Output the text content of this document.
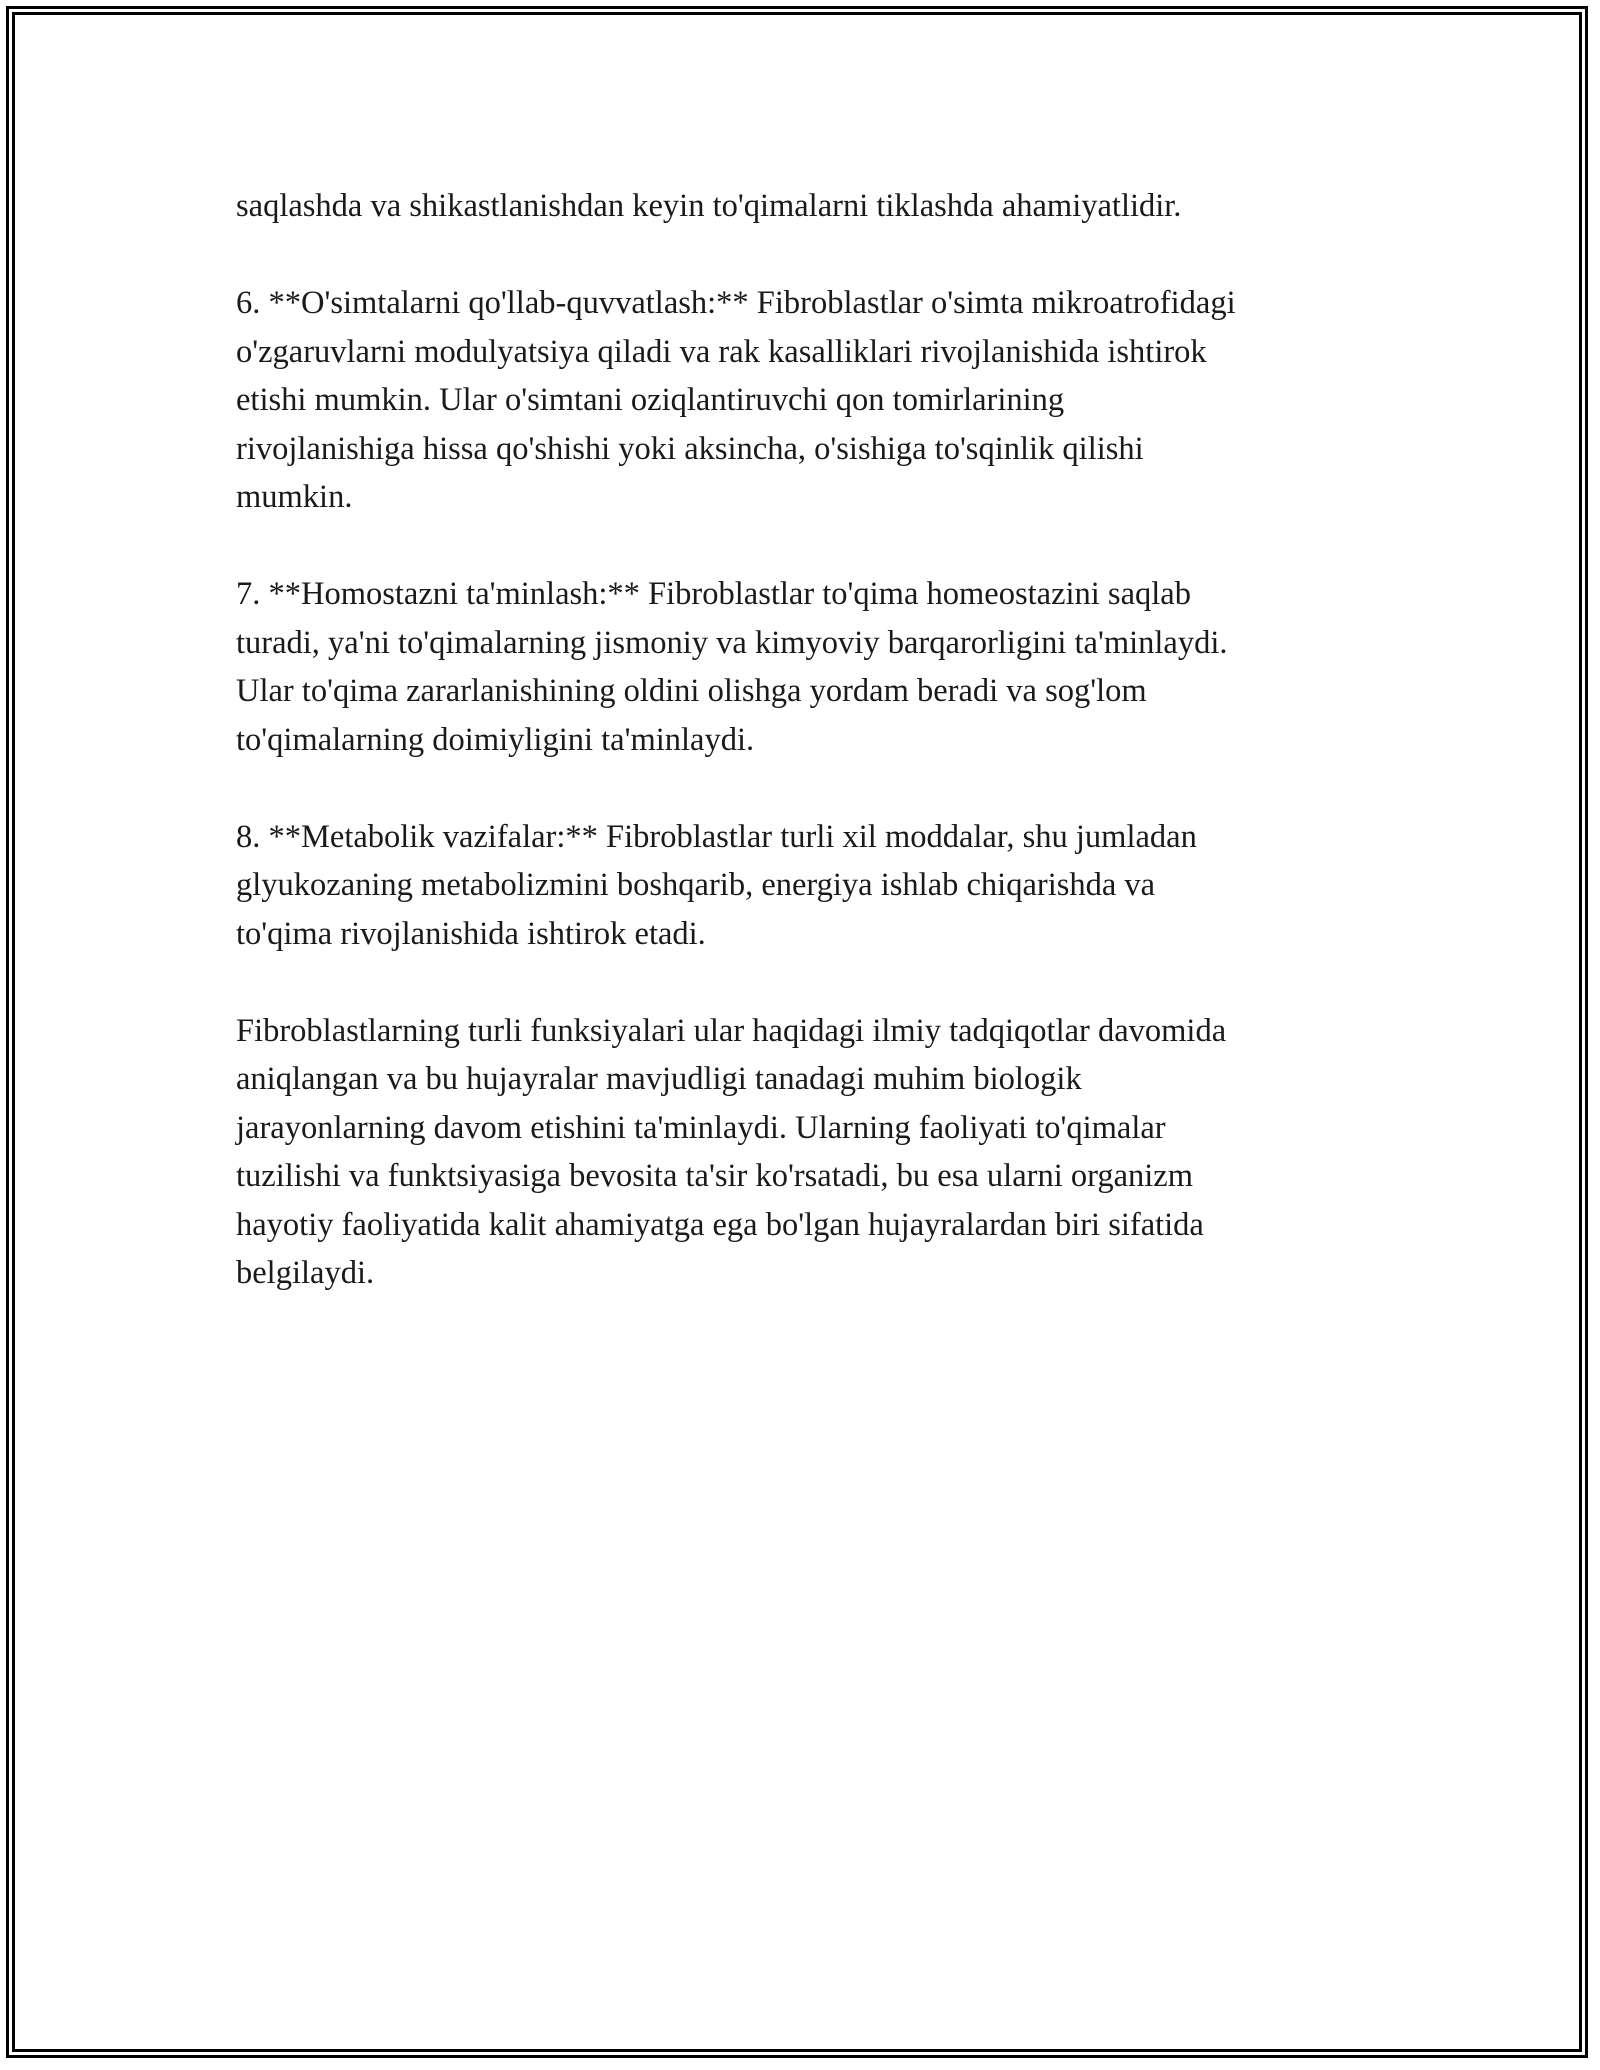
saqlashda va shikastlanishdan keyin to'qimalarni tiklashda ahamiyatlidir.

6. **O'simtalarni qo'llab-quvvatlash:** Fibroblastlar o'simta mikroatrofidagi
o'zgaruvlarni modulyatsiya qiladi va rak kasalliklari rivojlanishida ishtirok
etishi mumkin. Ular o'simtani oziqlantiruvchi qon tomirlarining
rivojlanishiga hissa qo'shishi yoki aksincha, o'sishiga to'sqinlik qilishi
mumkin.

7. **Homostazni ta'minlash:** Fibroblastlar to'qima homeostazini saqlab
turadi, ya'ni to'qimalarning jismoniy va kimyoviy barqarorligini ta'minlaydi.
Ular to'qima zararlanishining oldini olishga yordam beradi va sog'lom
to'qimalarning doimiyligini ta'minlaydi.

8. **Metabolik vazifalar:** Fibroblastlar turli xil moddalar, shu jumladan
glyukozaning metabolizmini boshqarib, energiya ishlab chiqarishda va
to'qima rivojlanishida ishtirok etadi.

Fibroblastlarning turli funksiyalari ular haqidagi ilmiy tadqiqotlar davomida
aniqlangan va bu hujayralar mavjudligi tanadagi muhim biologik
jarayonlarning davom etishini ta'minlaydi. Ularning faoliyati to'qimalar
tuzilishi va funktsiyasiga bevosita ta'sir ko'rsatadi, bu esa ularni organizm
hayotiy faoliyatida kalit ahamiyatga ega bo'lgan hujayralardan biri sifatida
belgilaydi.
